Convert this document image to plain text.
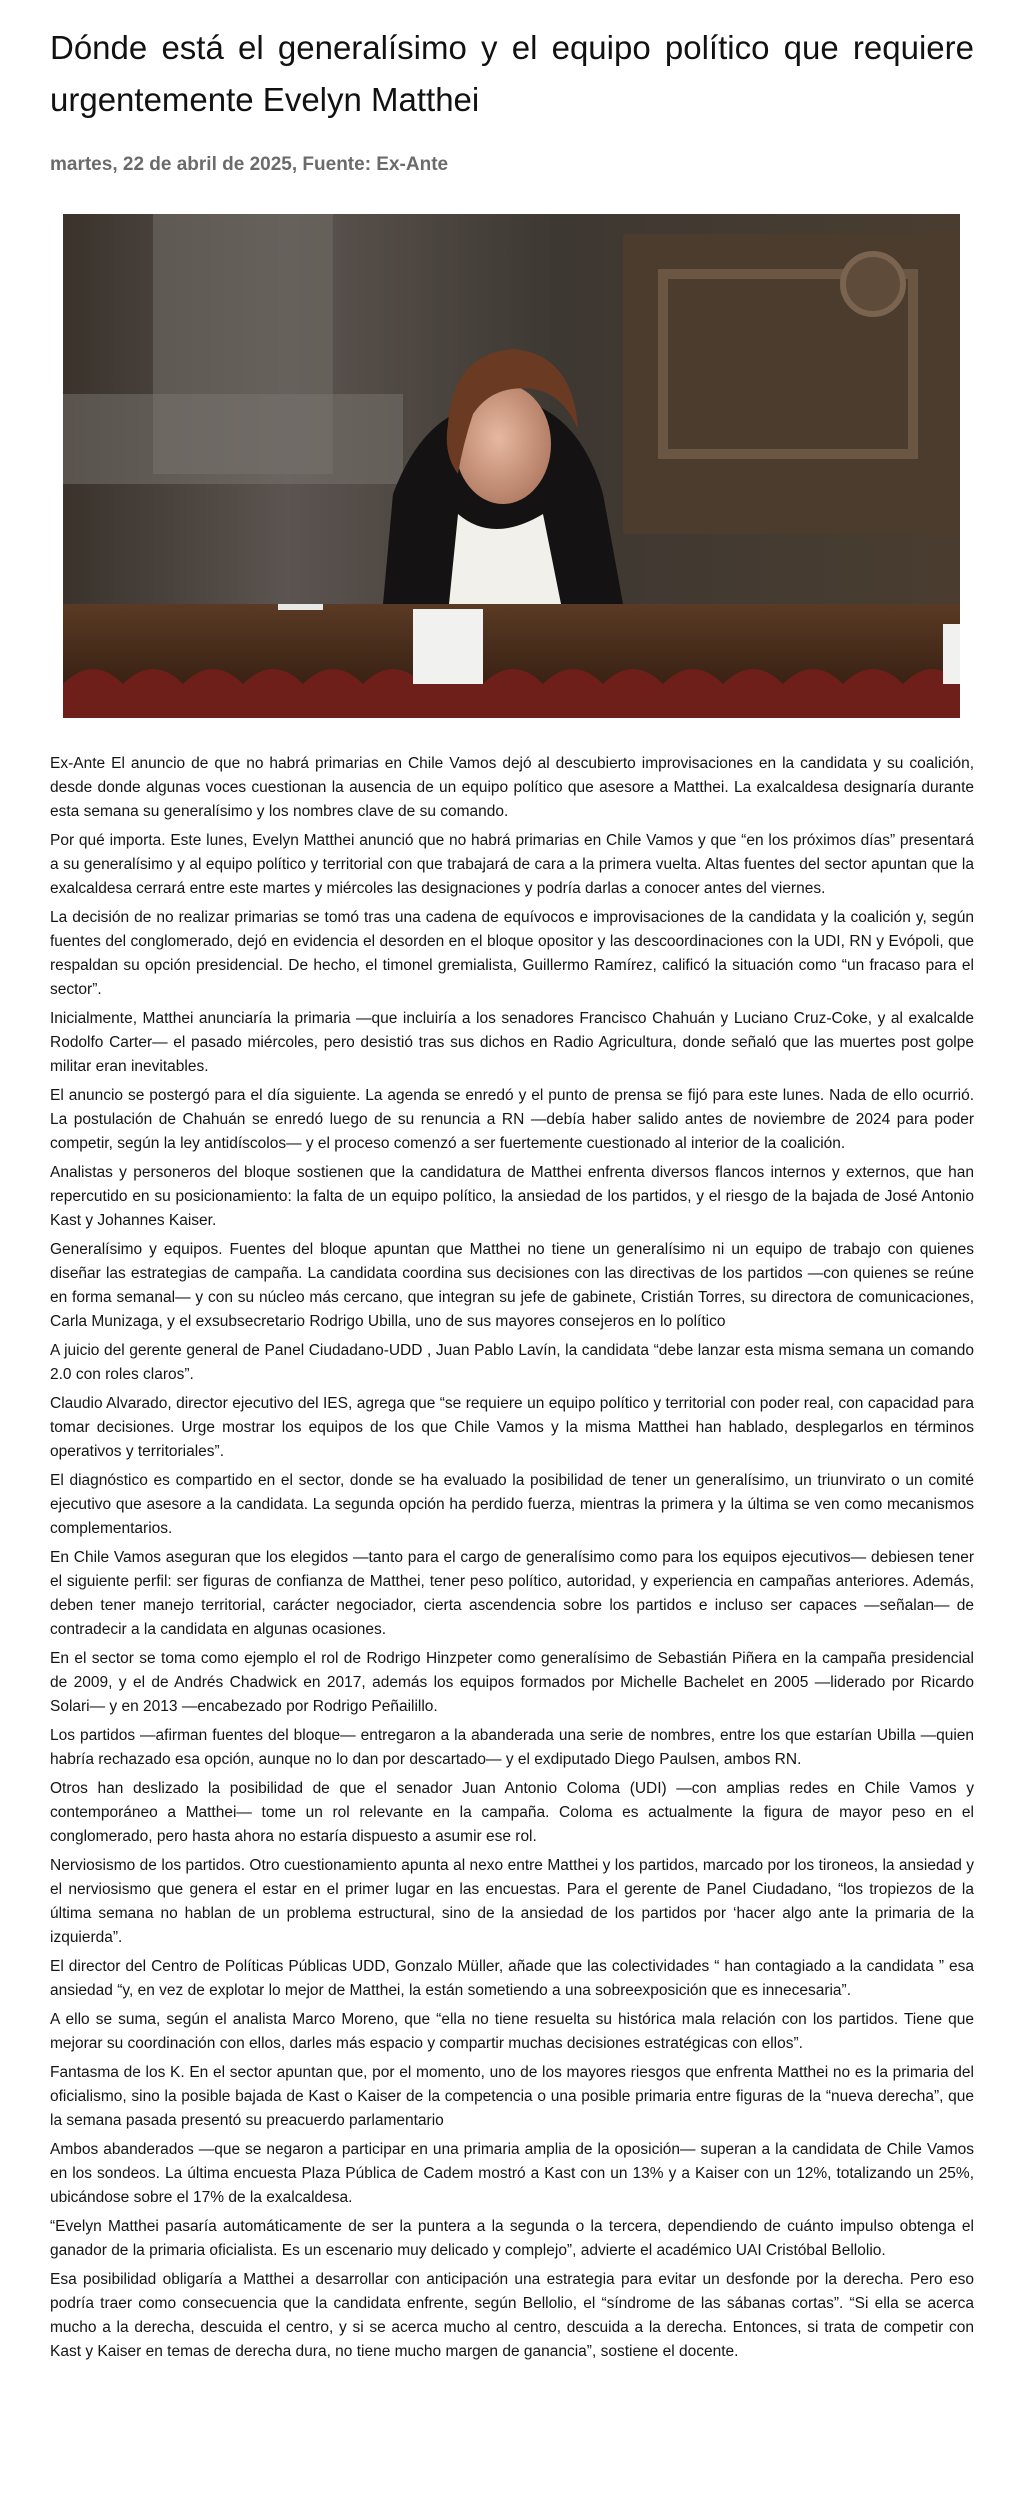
Dónde está el generalísimo y el equipo político que requiere urgentemente Evelyn Matthei
martes, 22 de abril de 2025, Fuente: Ex-Ante

Ex-Ante El anuncio de que no habrá primarias en Chile Vamos dejó al descubierto improvisaciones en la candidata y su coalición, desde donde algunas voces cuestionan la ausencia de un equipo político que asesore a Matthei. La exalcaldesa designaría durante esta semana su generalísimo y los nombres clave de su comando.

Por qué importa. Este lunes, Evelyn Matthei anunció que no habrá primarias en Chile Vamos y que “en los próximos días” presentará a su generalísimo y al equipo político y territorial con que trabajará de cara a la primera vuelta. Altas fuentes del sector apuntan que la exalcaldesa cerrará entre este martes y miércoles las designaciones y podría darlas a conocer antes del viernes.

La decisión de no realizar primarias se tomó tras una cadena de equívocos e improvisaciones de la candidata y la coalición y, según fuentes del conglomerado, dejó en evidencia el desorden en el bloque opositor y las descoordinaciones con la UDI, RN y Evópoli, que respaldan su opción presidencial. De hecho, el timonel gremialista, Guillermo Ramírez, calificó la situación como “un fracaso para el sector”.

Inicialmente, Matthei anunciaría la primaria —que incluiría a los senadores Francisco Chahuán y Luciano Cruz-Coke, y al exalcalde Rodolfo Carter— el pasado miércoles, pero desistió tras sus dichos en Radio Agricultura, donde señaló que las muertes post golpe militar eran inevitables.

El anuncio se postergó para el día siguiente. La agenda se enredó y el punto de prensa se fijó para este lunes. Nada de ello ocurrió. La postulación de Chahuán se enredó luego de su renuncia a RN —debía haber salido antes de noviembre de 2024 para poder competir, según la ley antidíscolos— y el proceso comenzó a ser fuertemente cuestionado al interior de la coalición.

Analistas y personeros del bloque sostienen que la candidatura de Matthei enfrenta diversos flancos internos y externos, que han repercutido en su posicionamiento: la falta de un equipo político, la ansiedad de los partidos, y el riesgo de la bajada de José Antonio Kast y Johannes Kaiser.

Generalísimo y equipos. Fuentes del bloque apuntan que Matthei no tiene un generalísimo ni un equipo de trabajo con quienes diseñar las estrategias de campaña. La candidata coordina sus decisiones con las directivas de los partidos —con quienes se reúne en forma semanal— y con su núcleo más cercano, que integran su jefe de gabinete, Cristián Torres, su directora de comunicaciones, Carla Munizaga, y el exsubsecretario Rodrigo Ubilla, uno de sus mayores consejeros en lo político

A juicio del gerente general de Panel Ciudadano-UDD , Juan Pablo Lavín, la candidata “debe lanzar esta misma semana un comando 2.0 con roles claros”.

Claudio Alvarado, director ejecutivo del IES, agrega que “se requiere un equipo político y territorial con poder real, con capacidad para tomar decisiones. Urge mostrar los equipos de los que Chile Vamos y la misma Matthei han hablado, desplegarlos en términos operativos y territoriales”.

El diagnóstico es compartido en el sector, donde se ha evaluado la posibilidad de tener un generalísimo, un triunvirato o un comité ejecutivo que asesore a la candidata. La segunda opción ha perdido fuerza, mientras la primera y la última se ven como mecanismos complementarios.

En Chile Vamos aseguran que los elegidos —tanto para el cargo de generalísimo como para los equipos ejecutivos— debiesen tener el siguiente perfil: ser figuras de confianza de Matthei, tener peso político, autoridad, y experiencia en campañas anteriores. Además, deben tener manejo territorial, carácter negociador, cierta ascendencia sobre los partidos e incluso ser capaces —señalan— de contradecir a la candidata en algunas ocasiones.

En el sector se toma como ejemplo el rol de Rodrigo Hinzpeter como generalísimo de Sebastián Piñera en la campaña presidencial de 2009, y el de Andrés Chadwick en 2017, además los equipos formados por Michelle Bachelet en 2005 —liderado por Ricardo Solari— y en 2013 —encabezado por Rodrigo Peñailillo.

Los partidos —afirman fuentes del bloque— entregaron a la abanderada una serie de nombres, entre los que estarían Ubilla —quien habría rechazado esa opción, aunque no lo dan por descartado— y el exdiputado Diego Paulsen, ambos RN.

Otros han deslizado la posibilidad de que el senador Juan Antonio Coloma (UDI) —con amplias redes en Chile Vamos y contemporáneo a Matthei— tome un rol relevante en la campaña. Coloma es actualmente la figura de mayor peso en el conglomerado, pero hasta ahora no estaría dispuesto a asumir ese rol.

Nerviosismo de los partidos. Otro cuestionamiento apunta al nexo entre Matthei y los partidos, marcado por los tironeos, la ansiedad y el nerviosismo que genera el estar en el primer lugar en las encuestas. Para el gerente de Panel Ciudadano, “los tropiezos de la última semana no hablan de un problema estructural, sino de la ansiedad de los partidos por ‘hacer algo ante la primaria de la izquierda”.

El director del Centro de Políticas Públicas UDD, Gonzalo Müller, añade que las colectividades “ han contagiado a la candidata ” esa ansiedad “y, en vez de explotar lo mejor de Matthei, la están sometiendo a una sobreexposición que es innecesaria”.

A ello se suma, según el analista Marco Moreno, que “ella no tiene resuelta su histórica mala relación con los partidos. Tiene que mejorar su coordinación con ellos, darles más espacio y compartir muchas decisiones estratégicas con ellos”.

Fantasma de los K. En el sector apuntan que, por el momento, uno de los mayores riesgos que enfrenta Matthei no es la primaria del oficialismo, sino la posible bajada de Kast o Kaiser de la competencia o una posible primaria entre figuras de la “nueva derecha”, que la semana pasada presentó su preacuerdo parlamentario

Ambos abanderados —que se negaron a participar en una primaria amplia de la oposición— superan a la candidata de Chile Vamos en los sondeos. La última encuesta Plaza Pública de Cadem mostró a Kast con un 13% y a Kaiser con un 12%, totalizando un 25%, ubicándose sobre el 17% de la exalcaldesa.

“Evelyn Matthei pasaría automáticamente de ser la puntera a la segunda o la tercera, dependiendo de cuánto impulso obtenga el ganador de la primaria oficialista. Es un escenario muy delicado y complejo”, advierte el académico UAI Cristóbal Bellolio.

Esa posibilidad obligaría a Matthei a desarrollar con anticipación una estrategia para evitar un desfonde por la derecha. Pero eso podría traer como consecuencia que la candidata enfrente, según Bellolio, el “síndrome de las sábanas cortas”. “Si ella se acerca mucho a la derecha, descuida el centro, y si se acerca mucho al centro, descuida a la derecha. Entonces, si trata de competir con Kast y Kaiser en temas de derecha dura, no tiene mucho margen de ganancia”, sostiene el docente.
